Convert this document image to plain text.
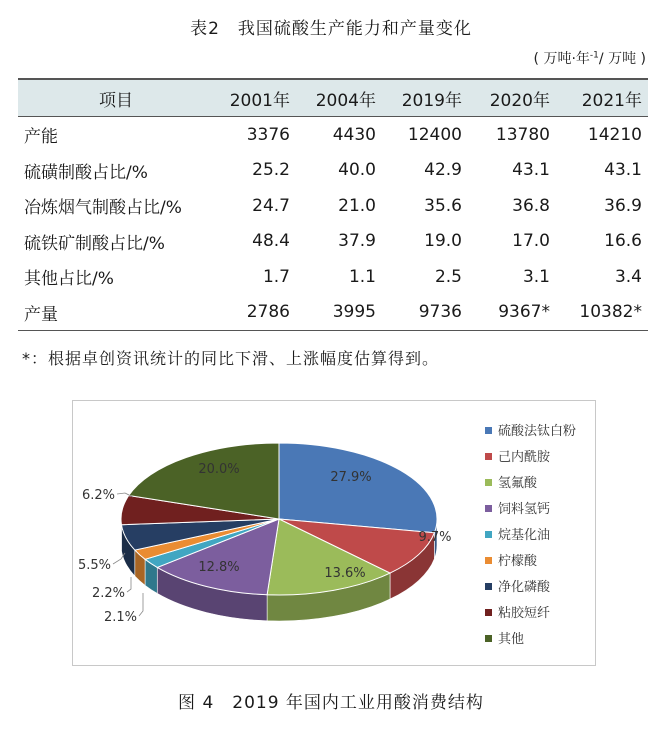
表2　我国硫酸生产能力和产量变化
( 万吨·年$^{-1}$/ 万吨 )
项目	2001年	2004年	2019年	2020年	2021年
产能	3376	4430	12400	13780	14210
硫磺制酸占比/%	25.2	40.0	42.9	43.1	43.1
冶炼烟气制酸占比/%	24.7	21.0	35.6	36.8	36.9
硫铁矿制酸占比/%	48.4	37.9	19.0	17.0	16.6
其他占比/%	1.7	1.1	2.5	3.1	3.4
产量	2786	3995	9736	9367*	10382*
*：根据卓创资讯统计的同比下滑、上涨幅度估算得到。
27.9%
9.7%
13.6%
12.8%
2.1%
2.2%
5.5%
6.2%
20.0%
硫酸法钛白粉
己内酰胺
氢氟酸
饲料氢钙
烷基化油
柠檬酸
净化磷酸
粘胶短纤
其他
图 4　2019 年国内工业用酸消费结构
